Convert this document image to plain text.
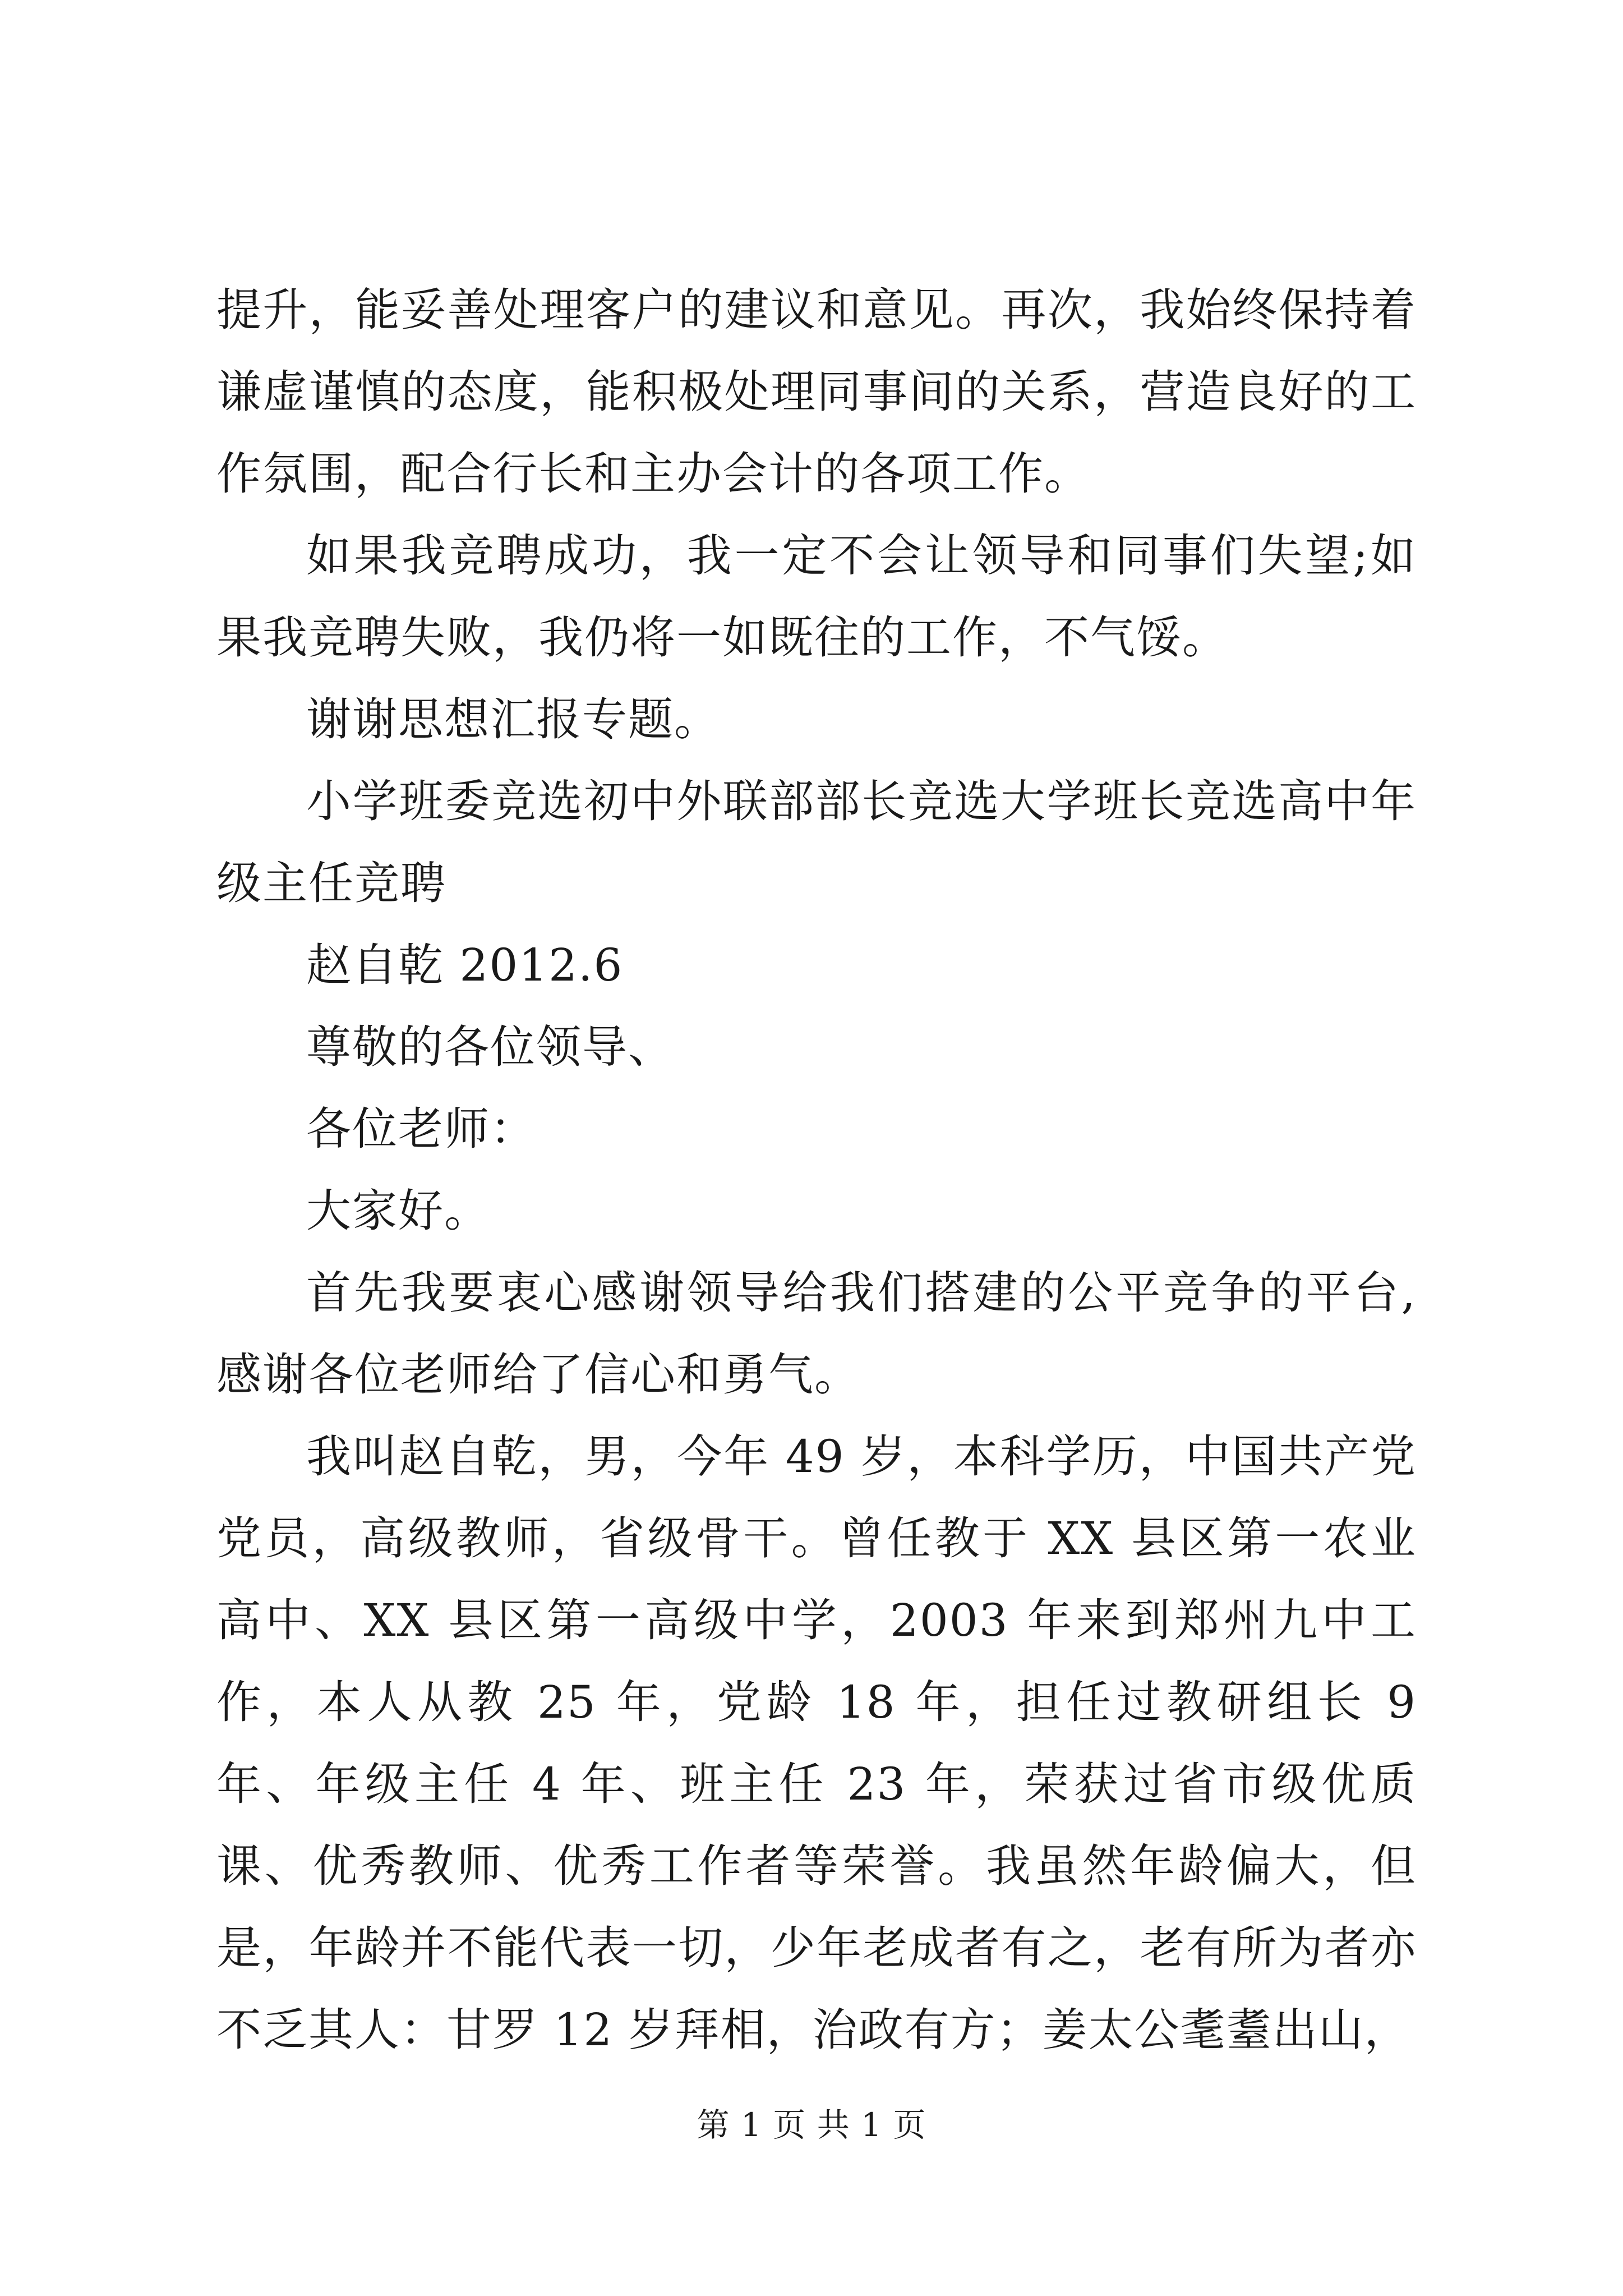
提升，能妥善处理客户的建议和意见。再次，我始终保持着谦虚谨慎的态度，能积极处理同事间的关系，营造良好的工作氛围，配合行长和主办会计的各项工作。

如果我竞聘成功，我一定不会让领导和同事们失望;如果我竞聘失败，我仍将一如既往的工作，不气馁。

谢谢思想汇报专题。

小学班委竞选初中外联部部长竞选大学班长竞选高中年级主任竞聘

赵自乾 2012.6

尊敬的各位领导、

各位老师：

大家好。

首先我要衷心感谢领导给我们搭建的公平竞争的平台,感谢各位老师给了信心和勇气。

我叫赵自乾，男，今年 49 岁，本科学历，中国共产党党员，高级教师，省级骨干。曾任教于 XX 县区第一农业高中、XX 县区第一高级中学，2003 年来到郑州九中工作，本人从教 25 年，党龄 18 年，担任过教研组长 9 年、年级主任 4 年、班主任 23 年，荣获过省市级优质课、优秀教师、优秀工作者等荣誉。我虽然年龄偏大，但是，年龄并不能代表一切，少年老成者有之，老有所为者亦不乏其人：甘罗 12 岁拜相，治政有方；姜太公耄耋出山，

第 1 页 共 1 页
